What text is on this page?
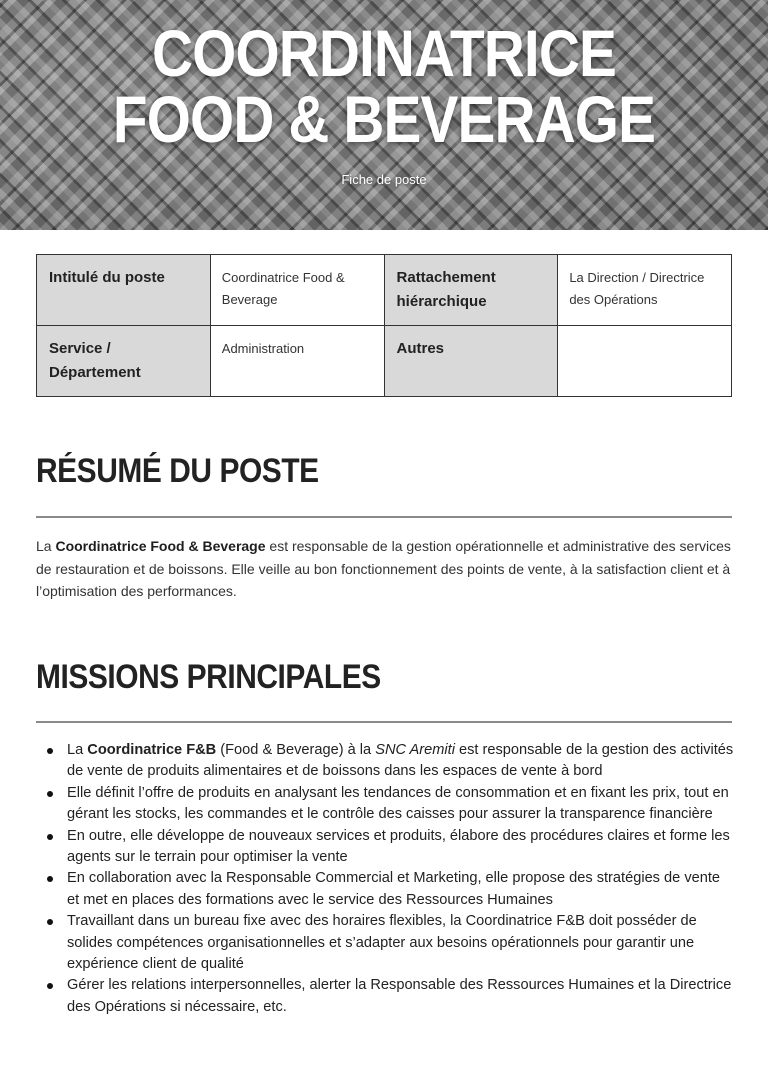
COORDINATRICE
FOOD & BEVERAGE
Fiche de poste
Intitulé du poste	Coordinatrice Food & Beverage	Rattachement hiérarchique	La Direction / Directrice des Opérations
Service / Département	Administration	Autres	
RÉSUMÉ DU POSTE

La Coordinatrice Food & Beverage est responsable de la gestion opérationnelle et administrative des services de restauration et de boissons. Elle veille au bon fonctionnement des points de vente, à la satisfaction client et à l’optimisation des performances.

MISSIONS PRINCIPALES
La Coordinatrice F&B (Food & Beverage) à la SNC Aremiti est responsable de la gestion des activités de vente de produits alimentaires et de boissons dans les espaces de vente à bord
Elle définit l’offre de produits en analysant les tendances de consommation et en fixant les prix, tout en gérant les stocks, les commandes et le contrôle des caisses pour assurer la transparence financière
En outre, elle développe de nouveaux services et produits, élabore des procédures claires et forme les agents sur le terrain pour optimiser la vente
En collaboration avec la Responsable Commercial et Marketing, elle propose des stratégies de vente et met en places des formations avec le service des Ressources Humaines
Travaillant dans un bureau fixe avec des horaires flexibles, la Coordinatrice F&B doit posséder de solides compétences organisationnelles et s’adapter aux besoins opérationnels pour garantir une expérience client de qualité
Gérer les relations interpersonnelles, alerter la Responsable des Ressources Humaines et la Directrice des Opérations si nécessaire, etc.
